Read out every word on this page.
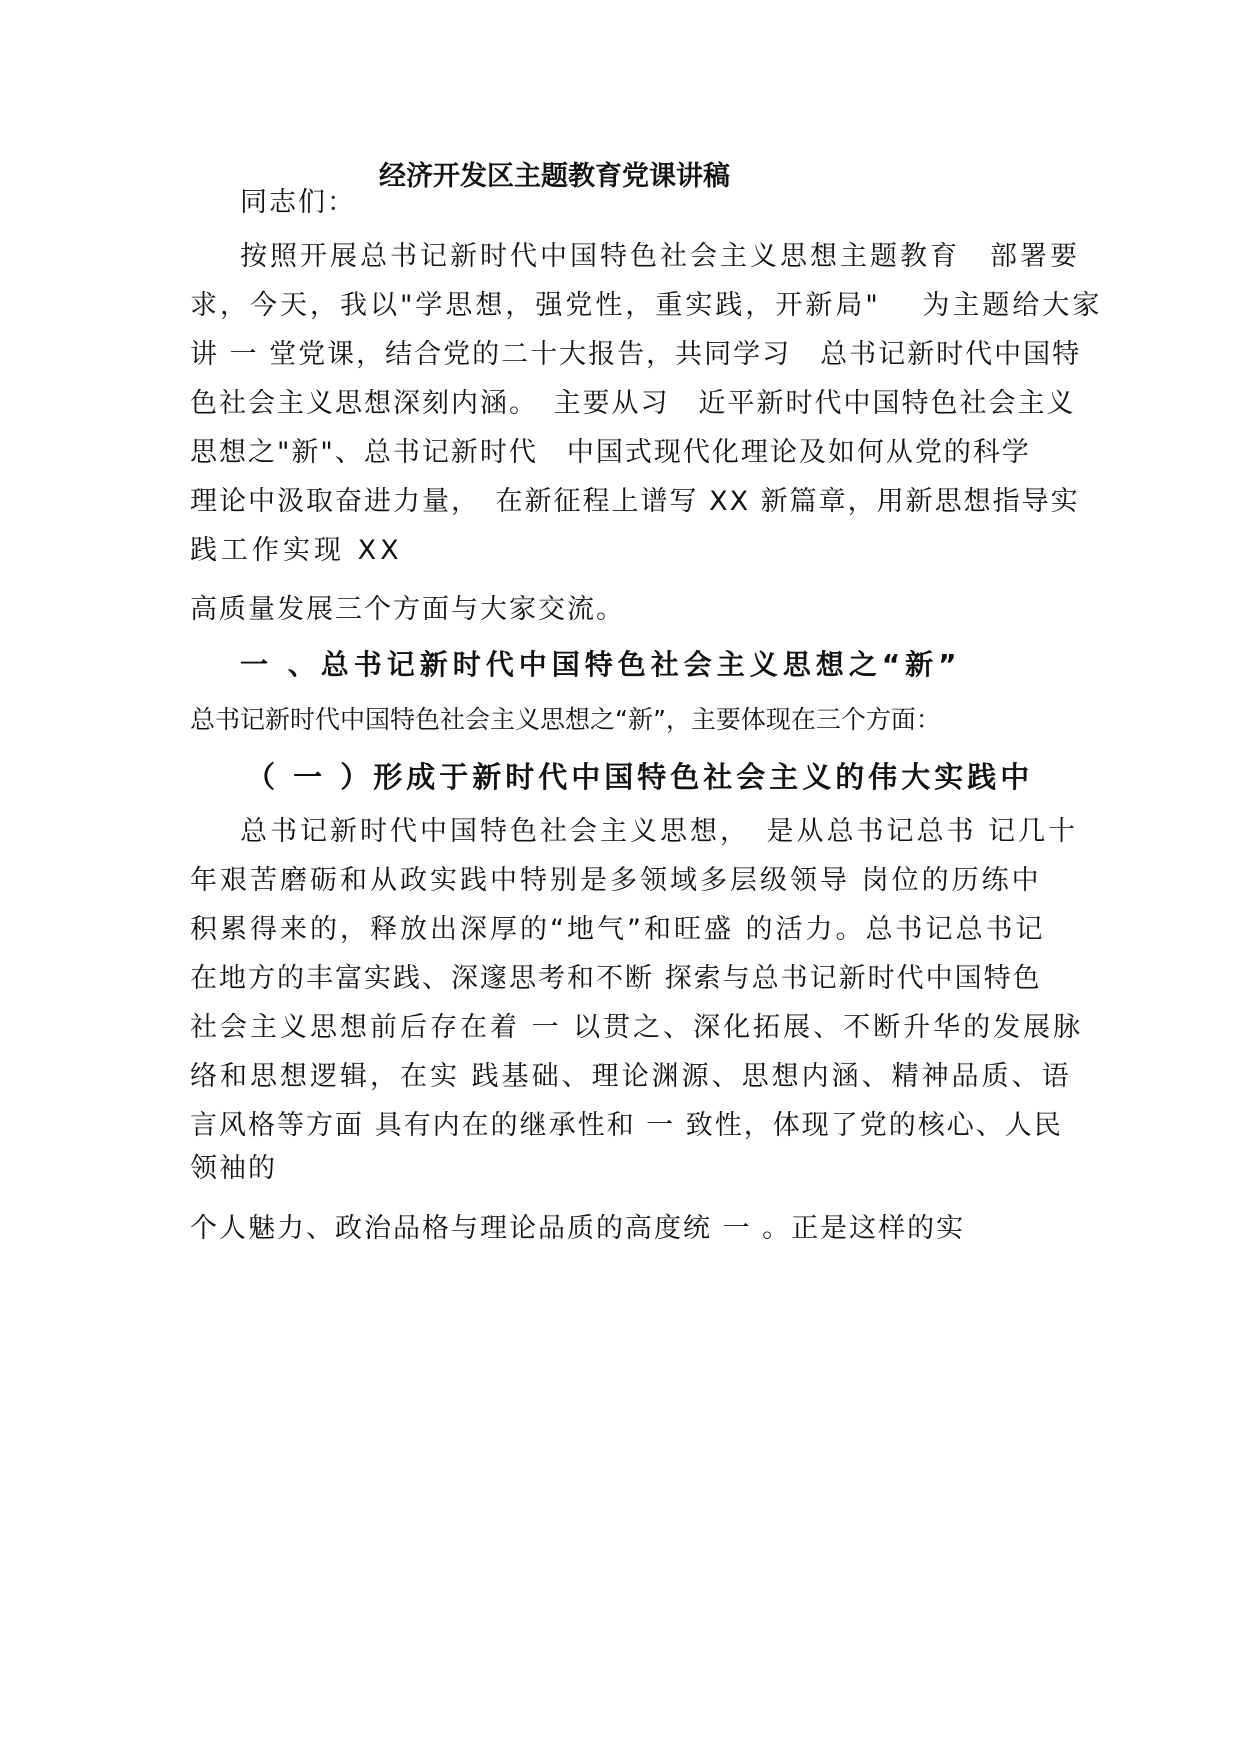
经济开发区主题教育党课讲稿

同志们：

按照开展总书记新时代中国特色社会主义思想主题教育　部署要

求，今天，我以"学思想，强党性，重实践，开新局"　 为主题给大家

讲 一 堂党课，结合党的二十大报告，共同学习　总书记新时代中国特

色社会主义思想深刻内涵。　主要从习　近平新时代中国特色社会主义

思想之"新"、总书记新时代　中国式现代化理论及如何从党的科学

理论中汲取奋进力量，　在新征程上谱写 XX 新篇章，用新思想指导实

践工作实现 XX

高质量发展三个方面与大家交流。

一 、总书记新时代中国特色社会主义思想之“新”

总书记新时代中国特色社会主义思想之“新”，主要体现在三个方面：

（ 一 ）形成于新时代中国特色社会主义的伟大实践中

总书记新时代中国特色社会主义思想，　是从总书记总书 记几十

年艰苦磨砺和从政实践中特别是多领域多层级领导 岗位的历练中

积累得来的，释放出深厚的“地气”和旺盛 的活力。总书记总书记

在地方的丰富实践、深邃思考和不断 探索与总书记新时代中国特色

社会主义思想前后存在着 一 以贯之、深化拓展、不断升华的发展脉

络和思想逻辑，在实 践基础、理论渊源、思想内涵、精神品质、语

言风格等方面 具有内在的继承性和 一 致性，体现了党的核心、人民

领袖的

个人魅力、政治品格与理论品质的高度统 一 。正是这样的实
